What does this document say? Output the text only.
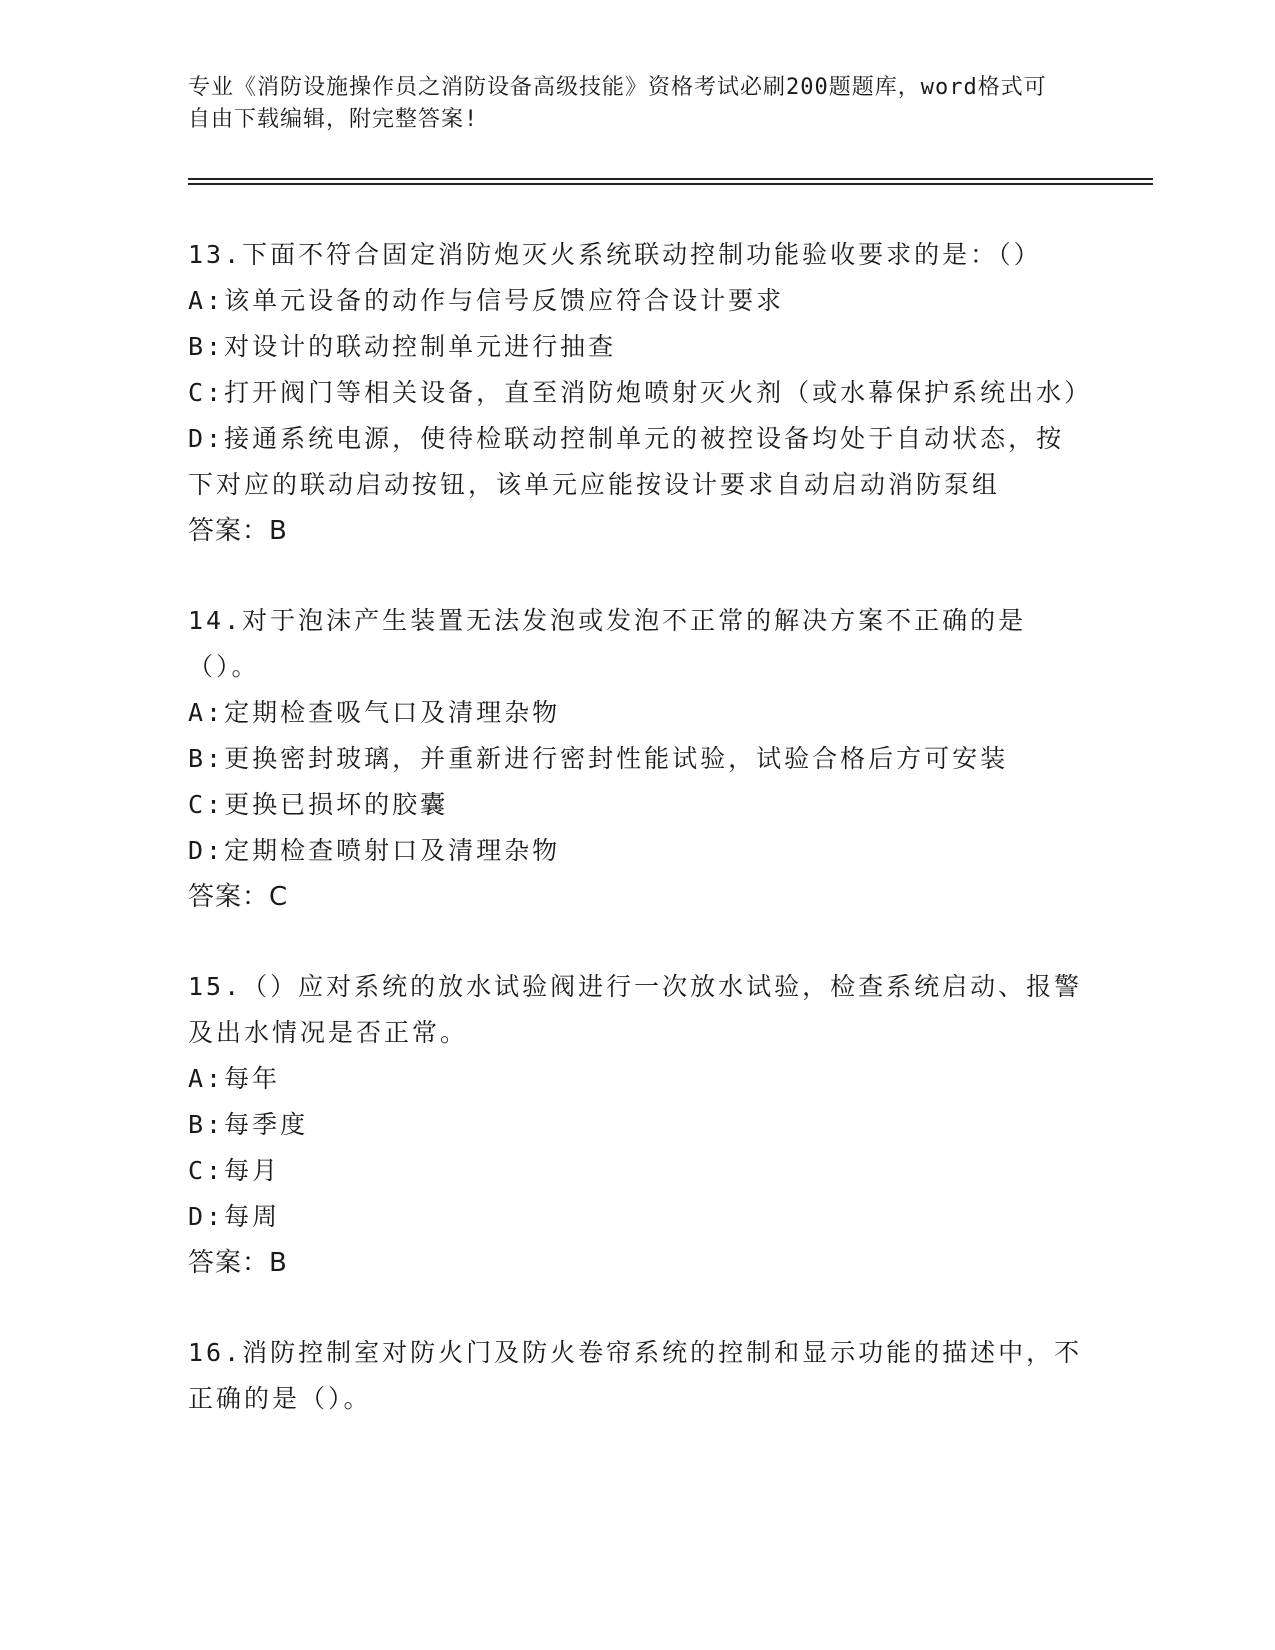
专业《消防设施操作员之消防设备高级技能》资格考试必刷200题题库，word格式可自由下载编辑，附完整答案!

13.下面不符合固定消防炮灭火系统联动控制功能验收要求的是：（）

A:该单元设备的动作与信号反馈应符合设计要求

B:对设计的联动控制单元进行抽查

C:打开阀门等相关设备，直至消防炮喷射灭火剂（或水幕保护系统出水）

D:接通系统电源，使待检联动控制单元的被控设备均处于自动状态，按下对应的联动启动按钮，该单元应能按设计要求自动启动消防泵组

答案：B

14.对于泡沫产生装置无法发泡或发泡不正常的解决方案不正确的是（）。

A:定期检查吸气口及清理杂物

B:更换密封玻璃，并重新进行密封性能试验，试验合格后方可安装

C:更换已损坏的胶囊

D:定期检查喷射口及清理杂物

答案：C

15.（）应对系统的放水试验阀进行一次放水试验，检查系统启动、报警及出水情况是否正常。

A:每年

B:每季度

C:每月

D:每周

答案：B

16.消防控制室对防火门及防火卷帘系统的控制和显示功能的描述中，不正确的是（）。
